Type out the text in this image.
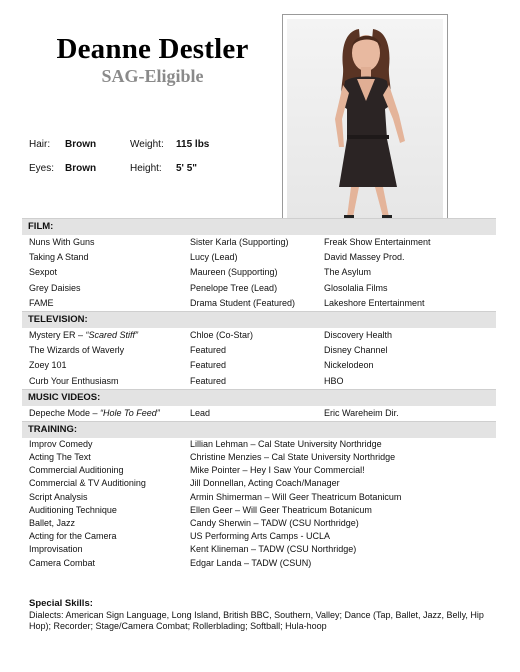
Deanne Destler
SAG-Eligible
Hair: Brown	Weight: 115 lbs
Eyes: Brown	Height: 5' 5"
FILM:
Nuns With Guns	Sister Karla (Supporting)	Freak Show Entertainment
Taking A Stand	Lucy (Lead)	David Massey Prod.
Sexpot	Maureen (Supporting)	The Asylum
Grey Daisies	Penelope Tree (Lead)	Glosolalia Films
FAME	Drama Student (Featured)	Lakeshore Entertainment
TELEVISION:
Mystery ER – “Scared Stiff”	Chloe (Co-Star)	Discovery Health
The Wizards of Waverly	Featured	Disney Channel
Zoey 101	Featured	Nickelodeon
Curb Your Enthusiasm	Featured	HBO
MUSIC VIDEOS:
Depeche Mode – “Hole To Feed”	Lead	Eric Wareheim Dir.
TRAINING:
Improv Comedy	Lillian Lehman – Cal State University Northridge
Acting The Text	Christine Menzies – Cal State University Northridge
Commercial Auditioning	Mike Pointer – Hey I Saw Your Commercial!
Commercial & TV Auditioning	Jill Donnellan, Acting Coach/Manager
Script Analysis	Armin Shimerman – Will Geer Theatricum Botanicum
Auditioning Technique	Ellen Geer – Will Geer Theatricum Botanicum
Ballet, Jazz	Candy Sherwin – TADW (CSU Northridge)
Acting for the Camera	US Performing Arts Camps - UCLA
Improvisation	Kent Klineman – TADW (CSU Northridge)
Camera Combat	Edgar Landa – TADW (CSUN)
Special Skills:
Dialects: American Sign Language, Long Island, British BBC, Southern, Valley; Dance (Tap, Ballet, Jazz, Belly, Hip Hop); Recorder; Stage/Camera Combat; Rollerblading; Softball; Hula-hoop
